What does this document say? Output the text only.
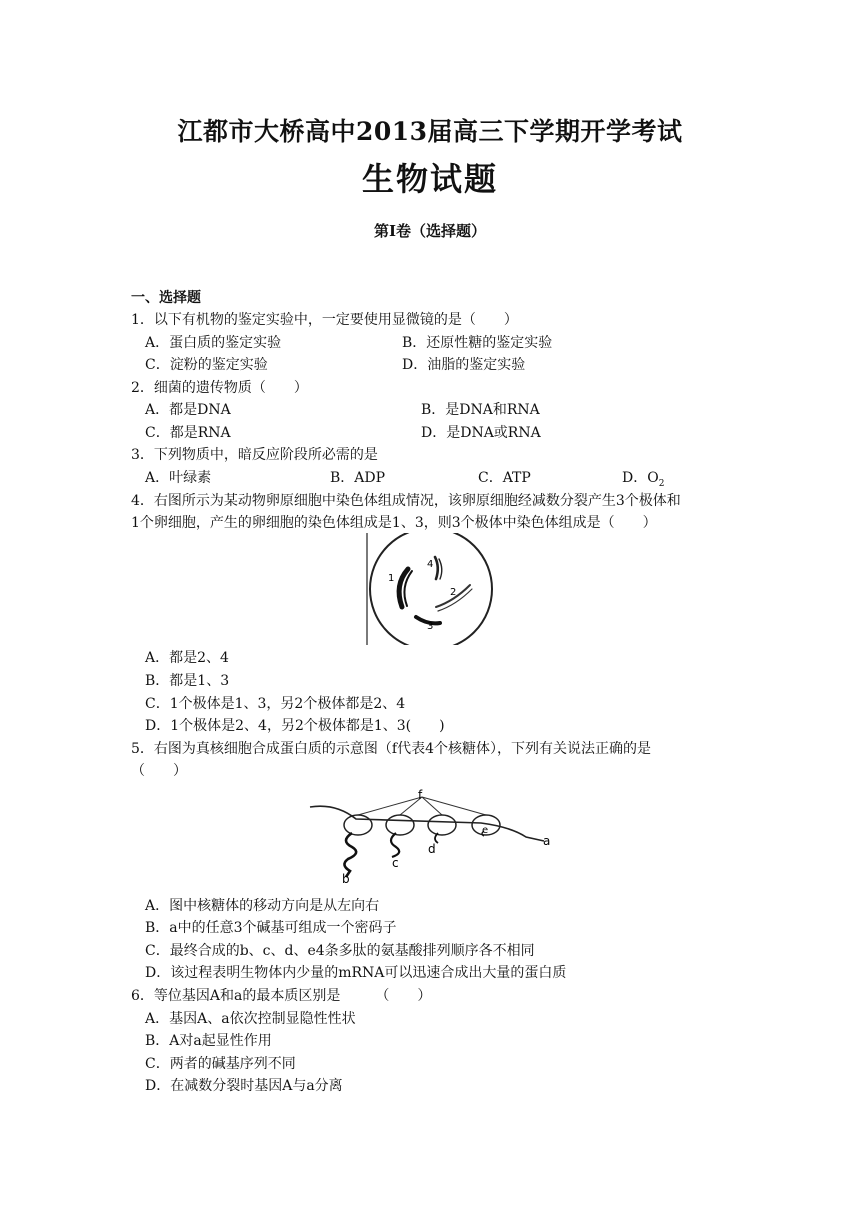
江都市大桥高中2013届高三下学期开学考试
生物试题
第Ⅰ卷（选择题）
一、选择题
1．以下有机物的鉴定实验中，一定要使用显微镜的是（　　）
A．蛋白质的鉴定实验	B．还原性糖的鉴定实验
C．淀粉的鉴定实验	D．油脂的鉴定实验
2．细菌的遗传物质（　　）
A．都是DNA	B．是DNA和RNA
C．都是RNA	D．是DNA或RNA
3．下列物质中，暗反应阶段所必需的是
A．叶绿素	B．ADP	C．ATP	D．$O_2$
4．右图所示为某动物卵原细胞中染色体组成情况，该卵原细胞经减数分裂产生3个极体和
1个卵细胞，产生的卵细胞的染色体组成是1、3，则3个极体中染色体组成是（　　）
1
2
3
4
A．都是2、4
B．都是1、3
C．1个极体是1、3，另2个极体都是2、4
D．1个极体是2、4，另2个极体都是1、3(　　)
5．右图为真核细胞合成蛋白质的示意图（f代表4个核糖体），下列有关说法正确的是
（　　）
f
a
b
c
d
e
A．图中核糖体的移动方向是从左向右
B．a中的任意3个碱基可组成一个密码子
C．最终合成的b、c、d、e4条多肽的氨基酸排列顺序各不相同
D．该过程表明生物体内少量的mRNA可以迅速合成出大量的蛋白质
6．等位基因A和a的最本质区别是　　　（　　）
A．基因A、a依次控制显隐性性状
B．A对a起显性作用
C．两者的碱基序列不同
D．在减数分裂时基因A与a分离
